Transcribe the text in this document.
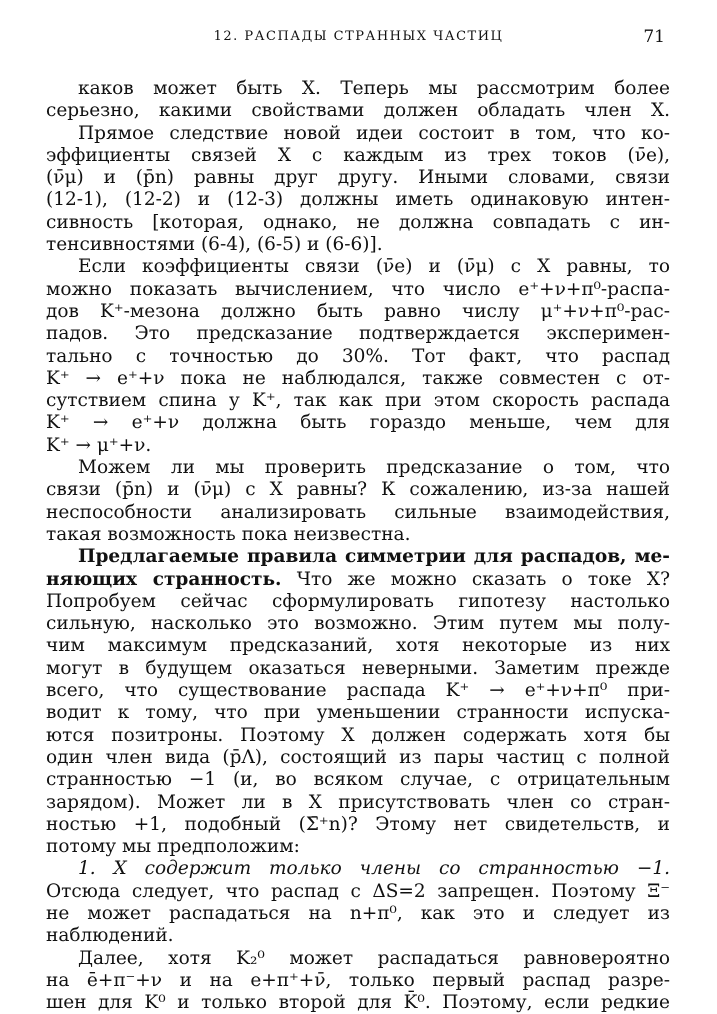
12. РАСПАДЫ СТРАННЫХ ЧАСТИЦ	71
каков может быть X. Теперь мы рассмотрим более
серьезно, какими свойствами должен обладать член X.
Прямое следствие новой идеи состоит в том, что ко-
эффициенты связей X с каждым из трех токов (ν̄e),
(ν̄μ) и (p̄n) равны друг другу. Иными словами, связи
(12-1), (12-2) и (12-3) должны иметь одинаковую интен-
сивность [которая, однако, не должна совпадать с ин-
тенсивностями (6-4), (6-5) и (6-6)].
Если коэффициенты связи (ν̄e) и (ν̄μ) с X равны, то
можно показать вычислением, что число e⁺+ν+π⁰-распа-
дов K⁺-мезона должно быть равно числу μ⁺+ν+π⁰-рас-
падов. Это предсказание подтверждается эксперимен-
тально с точностью до 30%. Тот факт, что распад
K⁺ → e⁺+ν пока не наблюдался, также совместен с от-
сутствием спина у K⁺, так как при этом скорость распада
K⁺ → e⁺+ν должна быть гораздо меньше, чем для
K⁺ → μ⁺+ν.
Можем ли мы проверить предсказание о том, что
связи (p̄n) и (ν̄μ) с X равны? К сожалению, из-за нашей
неспособности анализировать сильные взаимодействия,
такая возможность пока неизвестна.
Предлагаемые правила симметрии для распадов, ме-
няющих странность. Что же можно сказать о токе X?
Попробуем сейчас сформулировать гипотезу настолько
сильную, насколько это возможно. Этим путем мы полу-
чим максимум предсказаний, хотя некоторые из них
могут в будущем оказаться неверными. Заметим прежде
всего, что существование распада K⁺ → e⁺+ν+π⁰ при-
водит к тому, что при уменьшении странности испуска-
ются позитроны. Поэтому X должен содержать хотя бы
один член вида (p̄Λ), состоящий из пары частиц с полной
странностью −1 (и, во всяком случае, с отрицательным
зарядом). Может ли в X присутствовать член со стран-
ностью +1, подобный (Σ̄⁺n)? Этому нет свидетельств, и
потому мы предположим:
1. X содержит только члены со странностью −1.
Отсюда следует, что распад с ΔS=2 запрещен. Поэтому Ξ⁻
не может распадаться на n+π⁰, как это и следует из
наблюдений.
Далее, хотя K₂⁰ может распадаться равновероятно
на ē+π⁻+ν и на e+π⁺+ν̄, только первый распад разре-
шен для K⁰ и только второй для K̄⁰. Поэтому, если редкие
